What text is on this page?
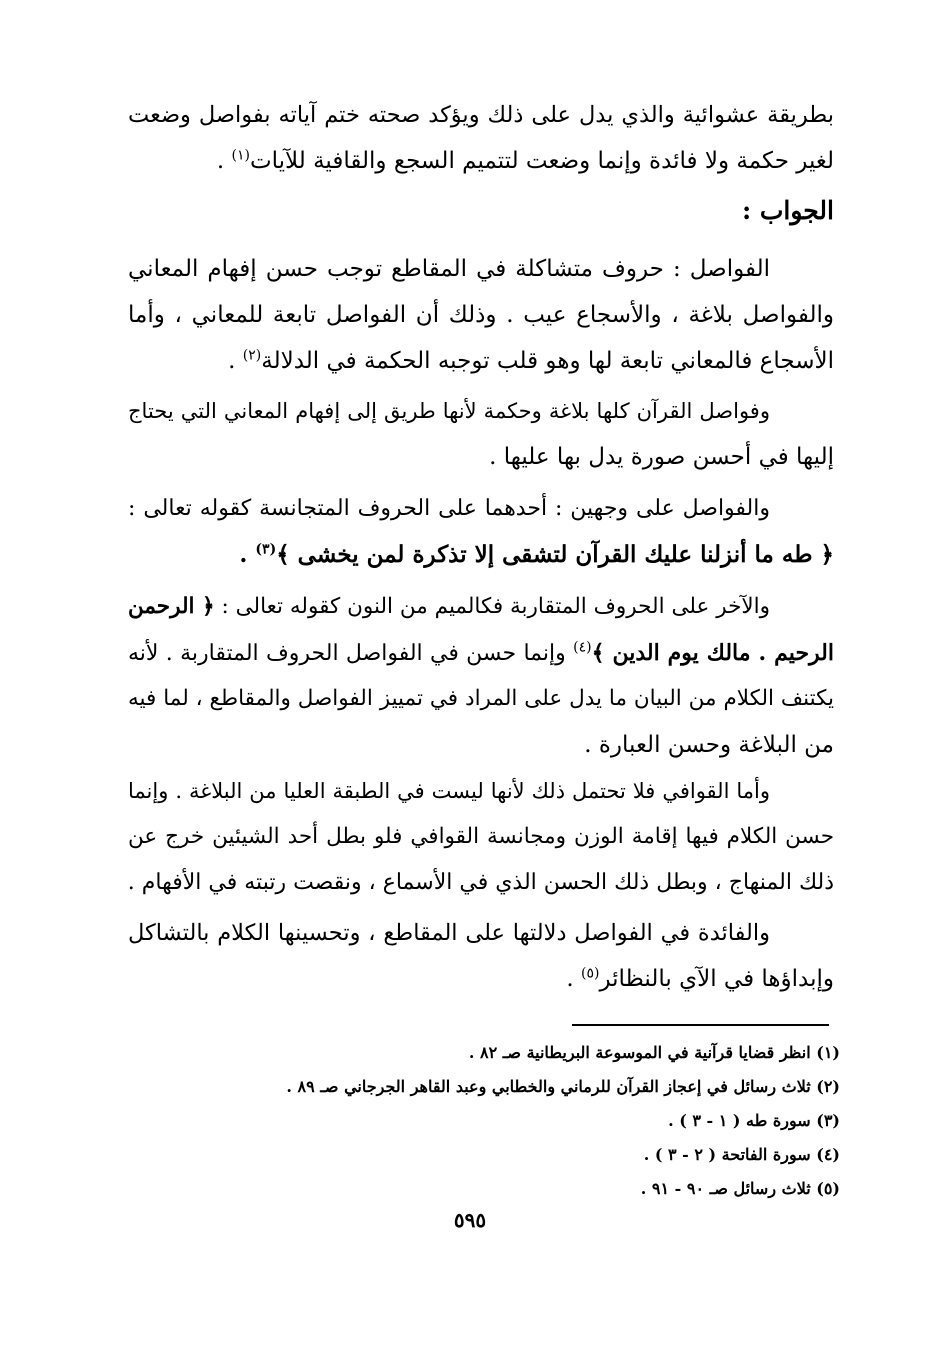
بطريقة عشوائية والذي يدل على ذلك ويؤكد صحته ختم آياته بفواصل وضعت
لغير حكمة ولا فائدة وإنما وضعت لتتميم السجع والقافية للآيات$^{(١)}$ .
الجواب :
الفواصل : حروف متشاكلة في المقاطع توجب حسن إفهام المعاني
والفواصل بلاغة ، والأسجاع عيب . وذلك أن الفواصل تابعة للمعاني ، وأما
الأسجاع فالمعاني تابعة لها وهو قلب توجبه الحكمة في الدلالة$^{(٢)}$ .
وفواصل القرآن كلها بلاغة وحكمة لأنها طريق إلى إفهام المعاني التي يحتاج
إليها في أحسن صورة يدل بها عليها .
والفواصل على وجهين : أحدهما على الحروف المتجانسة كقوله تعالى :
﴿ طه ما أنزلنا عليك القرآن لتشقى إلا تذكرة لمن يخشى ﴾$^{(٣)}$ .
والآخر على الحروف المتقاربة فكالميم من النون كقوله تعالى : ﴿ الرحمن
الرحيم . مالك يوم الدين ﴾$^{(٤)}$ وإنما حسن في الفواصل الحروف المتقاربة . لأنه
يكتنف الكلام من البيان ما يدل على المراد في تمييز الفواصل والمقاطع ، لما فيه
من البلاغة وحسن العبارة .
وأما القوافي فلا تحتمل ذلك لأنها ليست في الطبقة العليا من البلاغة . وإنما
حسن الكلام فيها إقامة الوزن ومجانسة القوافي فلو بطل أحد الشيئين خرج عن
ذلك المنهاج ، وبطل ذلك الحسن الذي في الأسماع ، ونقصت رتبته في الأفهام .
والفائدة في الفواصل دلالتها على المقاطع ، وتحسينها الكلام بالتشاكل
وإبداؤها في الآي بالنظائر$^{(٥)}$ .
(١) انظر قضايا قرآنية في الموسوعة البريطانية صـ ٨٢ .
(٢) ثلاث رسائل في إعجاز القرآن للرماني والخطابي وعبد القاهر الجرجاني صـ ٨٩ .
(٣) سورة طه ( ١ - ٣ ) .
(٤) سورة الفاتحة ( ٢ - ٣ ) .
(٥) ثلاث رسائل صـ ٩٠ - ٩١ .
٥٩٥
